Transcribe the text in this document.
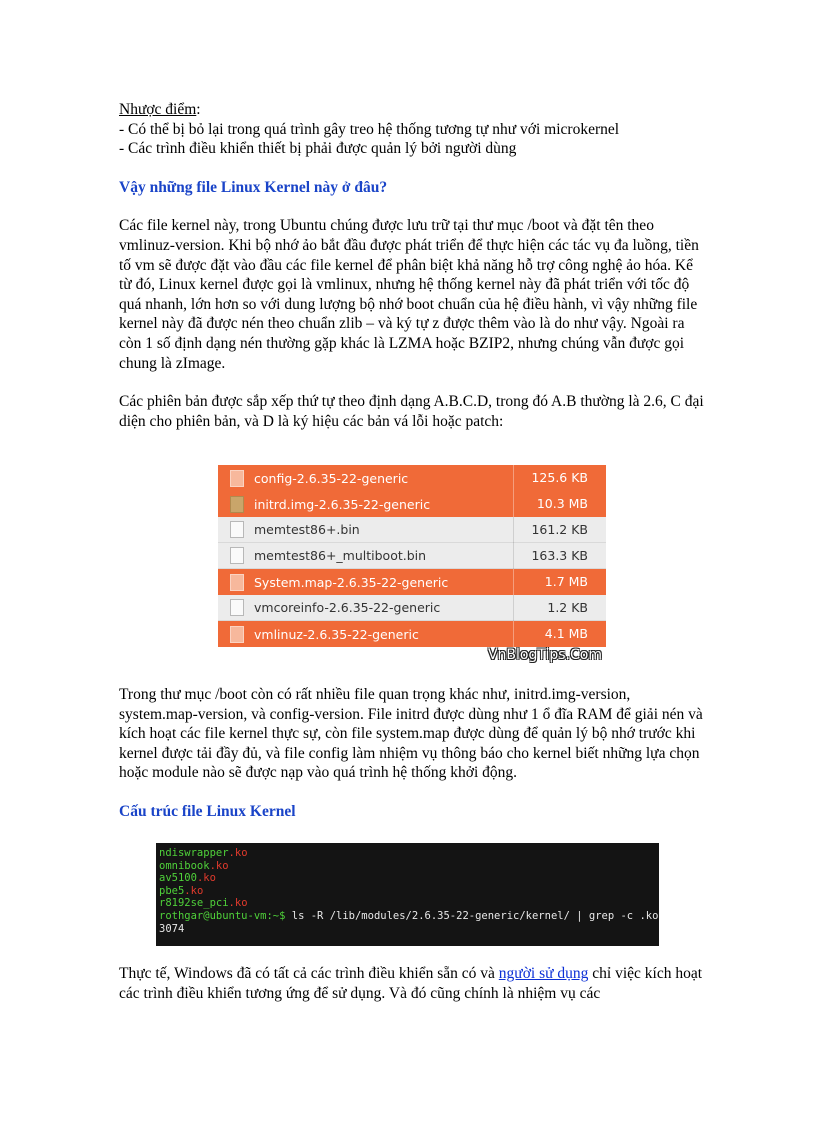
Nhược điểm:

- Có thể bị bỏ lại trong quá trình gây treo hệ thống tương tự như với microkernel

- Các trình điều khiển thiết bị phải được quản lý bởi người dùng

Vậy những file Linux Kernel này ở đâu?

Các file kernel này, trong Ubuntu chúng được lưu trữ tại thư mục /boot và đặt tên theo vmlinuz-version. Khi bộ nhớ ảo bắt đầu được phát triển để thực hiện các tác vụ đa luồng, tiền tố vm sẽ được đặt vào đầu các file kernel để phân biệt khả năng hỗ trợ công nghệ ảo hóa. Kể từ đó, Linux kernel được gọi là vmlinux, nhưng hệ thống kernel này đã phát triển với tốc độ quá nhanh, lớn hơn so với dung lượng bộ nhớ boot chuẩn của hệ điều hành, vì vậy những file kernel này đã được nén theo chuẩn zlib – và ký tự z được thêm vào là do như vậy. Ngoài ra còn 1 số định dạng nén thường gặp khác là LZMA hoặc BZIP2, nhưng chúng vẫn được gọi chung là zImage.

Các phiên bản được sắp xếp thứ tự theo định dạng A.B.C.D, trong đó A.B thường là 2.6, C đại diện cho phiên bản, và D là ký hiệu các bản vá lỗi hoặc patch:

config-2.6.35-22-generic	125.6 KB
initrd.img-2.6.35-22-generic	10.3 MB
memtest86+.bin	161.2 KB
memtest86+_multiboot.bin	163.3 KB
System.map-2.6.35-22-generic	1.7 MB
vmcoreinfo-2.6.35-22-generic	1.2 KB
vmlinuz-2.6.35-22-generic	4.1 MB
VnBlogTips.Com

Trong thư mục /boot còn có rất nhiều file quan trọng khác như, initrd.img-version, system.map-version, và config-version. File initrd được dùng như 1 ổ đĩa RAM để giải nén và kích hoạt các file kernel thực sự, còn file system.map được dùng để quản lý bộ nhớ trước khi kernel được tải đầy đủ, và file config làm nhiệm vụ thông báo cho kernel biết những lựa chọn hoặc module nào sẽ được nạp vào quá trình hệ thống khởi động.

Cấu trúc file Linux Kernel

ndiswrapper.ko
omnibook.ko
av5100.ko
pbe5.ko
r8192se_pci.ko
rothgar@ubuntu-vm:~$ ls -R /lib/modules/2.6.35-22-generic/kernel/ | grep -c .ko
3074

Thực tế, Windows đã có tất cả các trình điều khiển sẵn có và người sử dụng chỉ việc kích hoạt các trình điều khiển tương ứng để sử dụng. Và đó cũng chính là nhiệm vụ các
